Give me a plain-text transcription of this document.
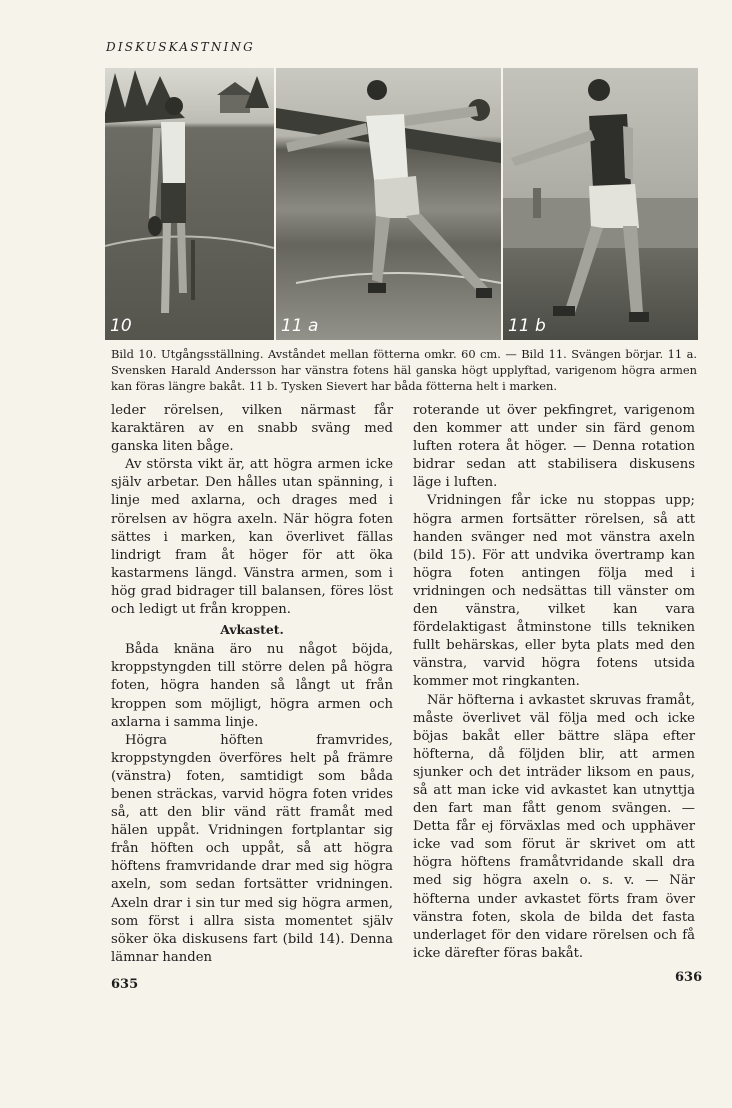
DISKUSKASTNING
10	11 a	11 b
Bild 10. Utgångsställning. Avståndet mellan fötterna omkr. 60 cm. — Bild 11. Svängen börjar. 11 a. Svensken Harald Andersson har vänstra fotens häl ganska högt upplyftad, varigenom högra armen kan föras längre bakåt. 11 b. Tysken Sievert har båda fötterna helt i marken.

leder rörelsen, vilken närmast får karaktären av en snabb sväng med ganska liten båge.

Av största vikt är, att högra armen icke själv arbetar. Den hålles utan spänning, i linje med axlarna, och drages med i rörelsen av högra axeln. När högra foten sättes i marken, kan överlivet fällas lindrigt fram åt höger för att öka kastarmens längd. Vänstra armen, som i hög grad bidrager till balansen, föres löst och ledigt ut från kroppen.

Avkastet.

Båda knäna äro nu något böjda, kroppstyngden till större delen på högra foten, högra handen så långt ut från kroppen som möjligt, högra armen och axlarna i samma linje.

Högra höften framvrides, kroppstyngden överföres helt på främre (vänstra) foten, samtidigt som båda benen sträckas, varvid högra foten vrides så, att den blir vänd rätt framåt med hälen uppåt. Vridningen fortplantar sig från höften och uppåt, så att högra höftens framvridande drar med sig högra axeln, som sedan fortsätter vridningen. Axeln drar i sin tur med sig högra armen, som först i allra sista momentet själv söker öka diskusens fart (bild 14). Denna lämnar handen

roterande ut över pekfingret, varigenom den kommer att under sin färd genom luften rotera åt höger. — Denna rotation bidrar sedan att stabilisera diskusens läge i luften.

Vridningen får icke nu stoppas upp; högra armen fortsätter rörelsen, så att handen svänger ned mot vänstra axeln (bild 15). För att undvika övertramp kan högra foten antingen följa med i vridningen och nedsättas till vänster om den vänstra, vilket kan vara fördelaktigast åtminstone tills tekniken fullt behärskas, eller byta plats med den vänstra, varvid högra fotens utsida kommer mot ringkanten.

När höfterna i avkastet skruvas framåt, måste överlivet väl följa med och icke böjas bakåt eller bättre släpa efter höfterna, då följden blir, att armen sjunker och det inträder liksom en paus, så att man icke vid avkastet kan utnyttja den fart man fått genom svängen. — Detta får ej förväxlas med och upphäver icke vad som förut är skrivet om att högra höftens framåtvridande skall dra med sig högra axeln o. s. v. — När höfterna under avkastet förts fram över vänstra foten, skola de bilda det fasta underlaget för den vidare rörelsen och få icke därefter föras bakåt.

635	636
